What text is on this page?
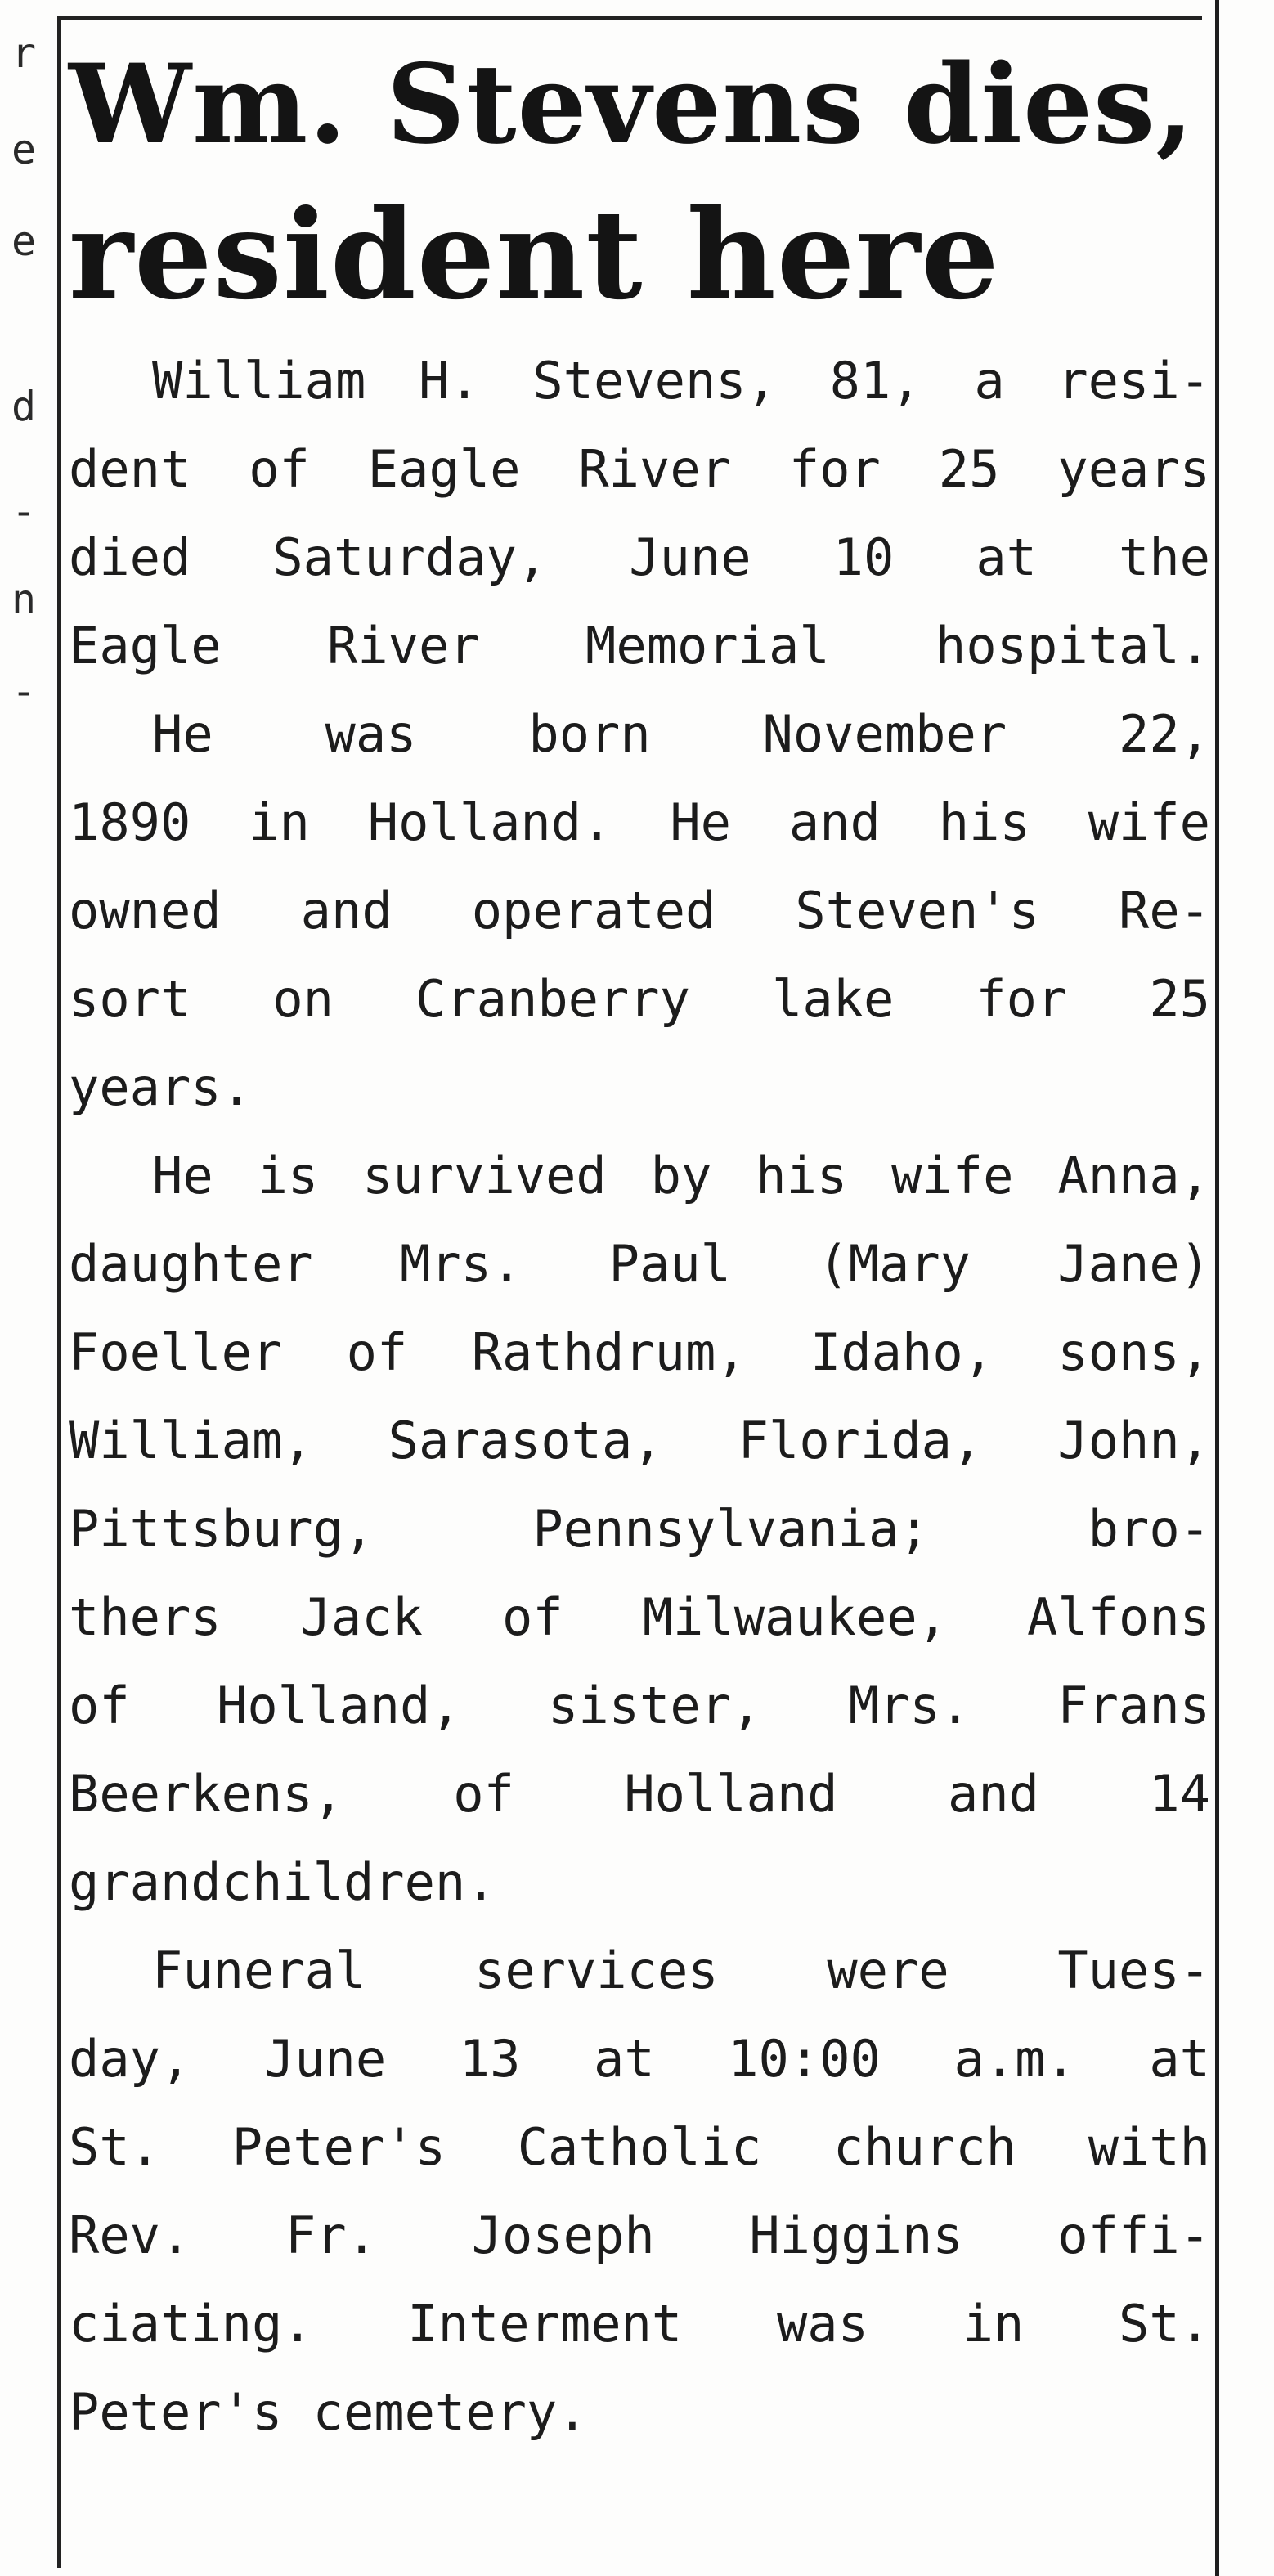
r
e
e
d
-
n
-
Wm. Stevens dies,
resident here

William H. Stevens, 81, a resi-
dent of Eagle River for 25 years
died Saturday, June 10 at the
Eagle River Memorial hospital.

He was born November 22,
1890 in Holland. He and his wife
owned and operated Steven's Re-
sort on Cranberry lake for 25
years.

He is survived by his wife Anna,
daughter Mrs. Paul (Mary Jane)
Foeller of Rathdrum, Idaho, sons,
William, Sarasota, Florida, John,
Pittsburg, Pennsylvania; bro-
thers Jack of Milwaukee, Alfons
of Holland, sister, Mrs. Frans
Beerkens, of Holland and 14
grandchildren.

Funeral services were Tues-
day, June 13 at 10:00 a.m. at
St. Peter's Catholic church with
Rev. Fr. Joseph Higgins offi-
ciating. Interment was in St.
Peter's cemetery.
